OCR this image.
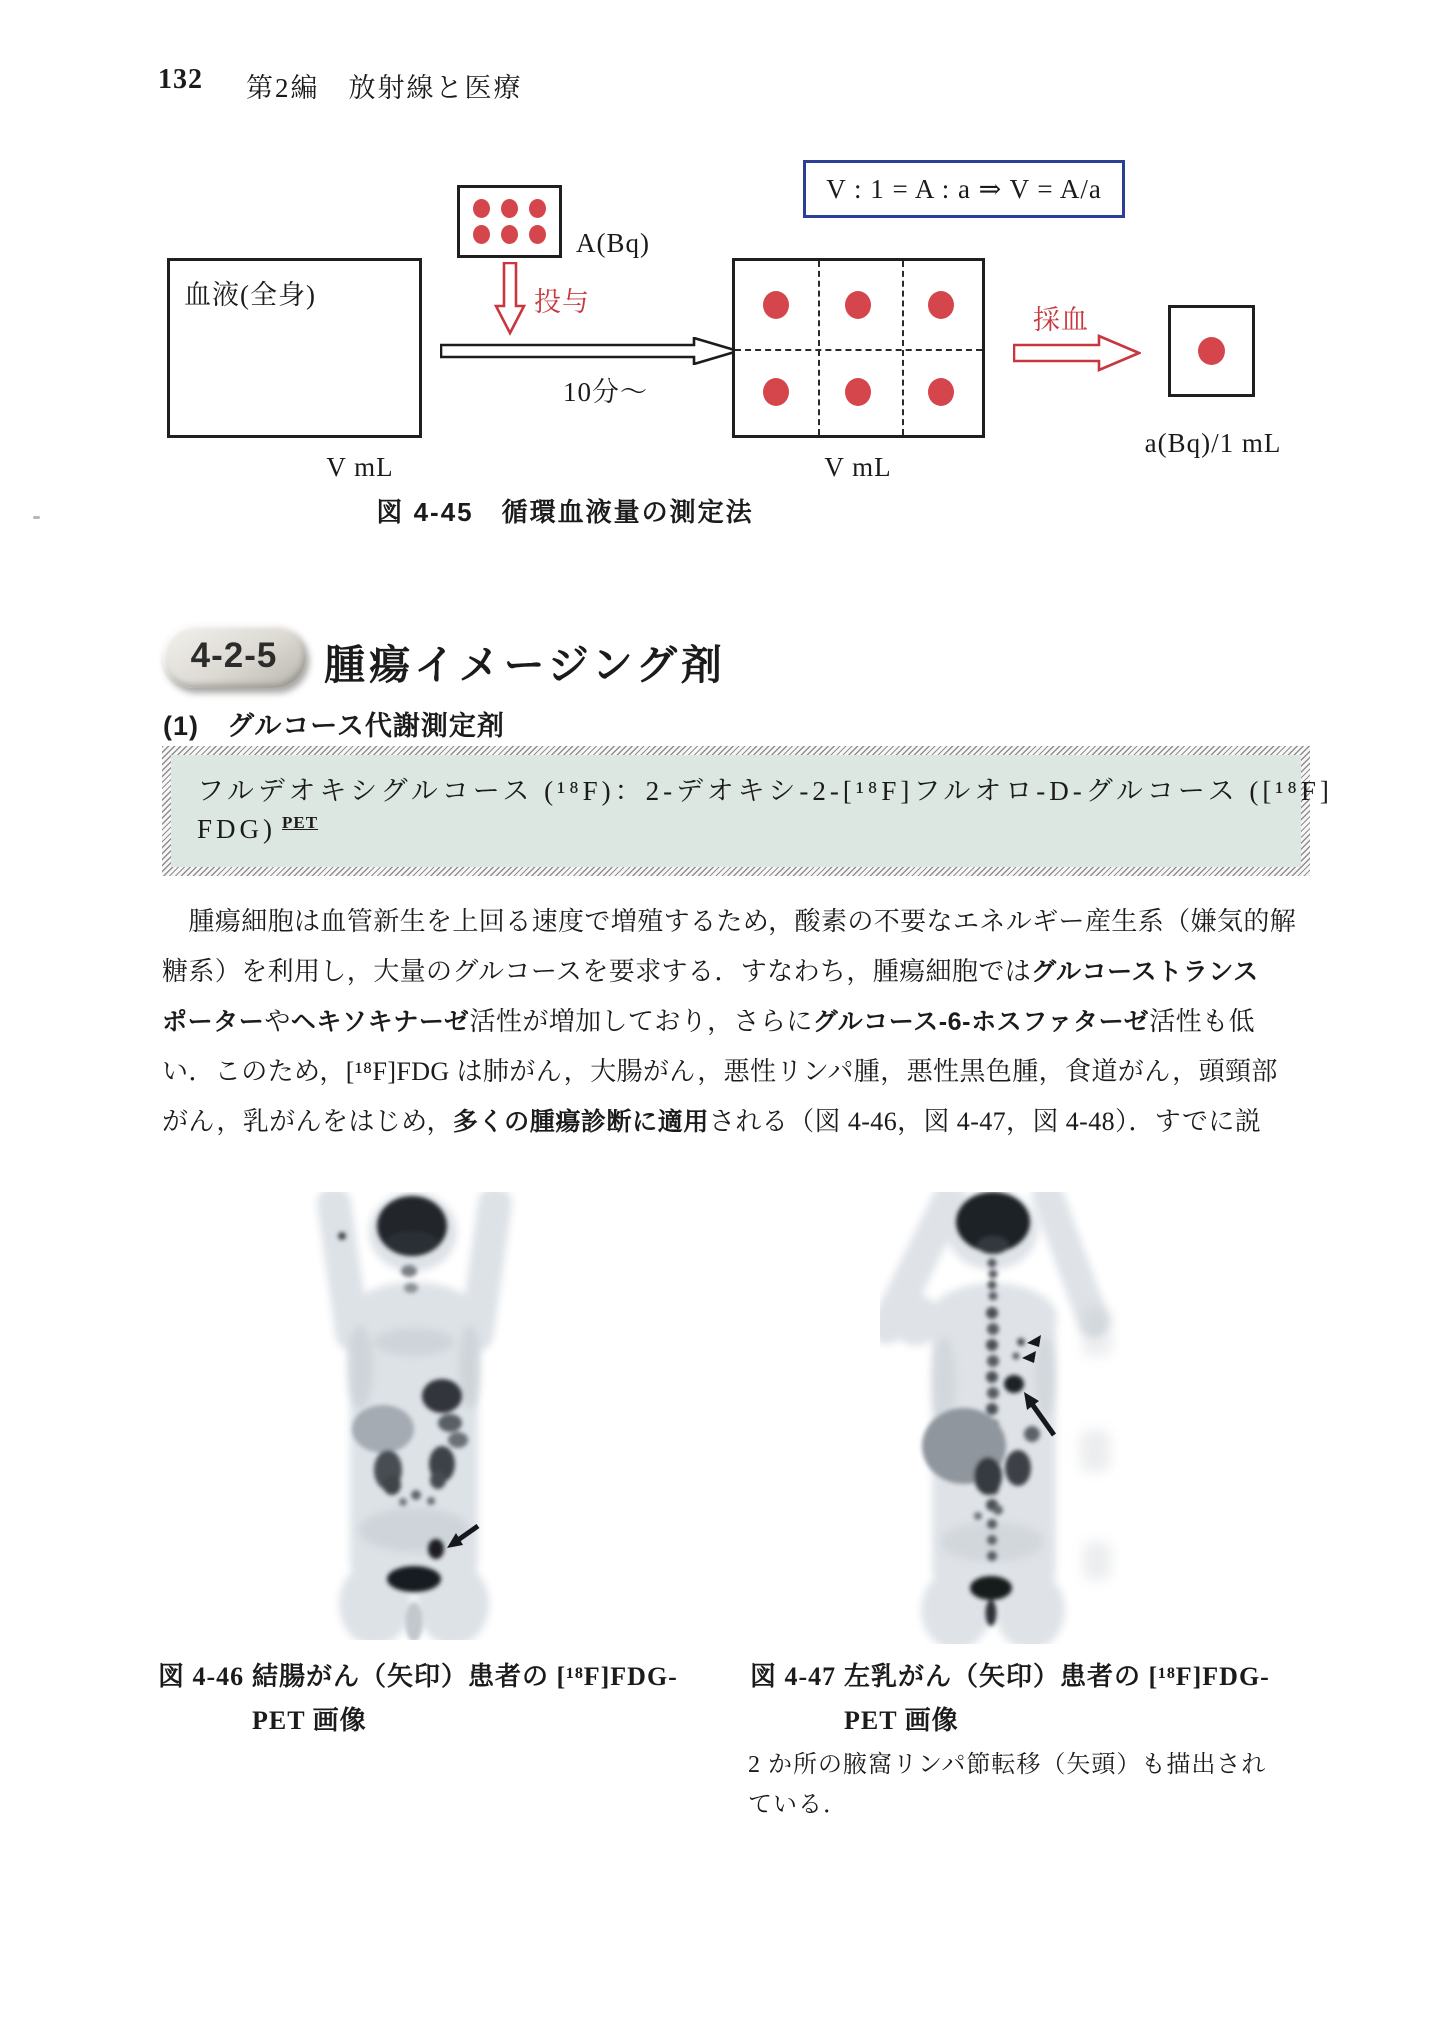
132 第2編　放射線と医療
A(Bq)
投与
血液(全身)
V mL
10分～
V : 1 = A : a ⇒ V = A/a
V mL
採血
a(Bq)/1 mL
図 4-45　循環血液量の測定法
4-2-5 腫瘍イメージング剤
(1)　グルコース代謝測定剤
フルデオキシグルコース (¹⁸F)：2-デオキシ-2-[¹⁸F]フルオロ-D-グルコース ([¹⁸F]
FDG) $^{PET}$
　腫瘍細胞は血管新生を上回る速度で増殖するため，酸素の不要なエネルギー産生系（嫌気的解
糖系）を利用し，大量のグルコースを要求する．すなわち，腫瘍細胞ではグルコーストランス
ポーターやヘキソキナーゼ活性が増加しており，さらにグルコース-6-ホスファターゼ活性も低
い．このため，[¹⁸F]FDG は肺がん，大腸がん，悪性リンパ腫，悪性黒色腫，食道がん，頭頸部
がん，乳がんをはじめ，多くの腫瘍診断に適用される（図 4-46，図 4-47，図 4-48）．すでに説
図 4-46 結腸がん（矢印）患者の [¹⁸F]FDG-
PET 画像
図 4-47 左乳がん（矢印）患者の [¹⁸F]FDG-
PET 画像
2 か所の腋窩リンパ節転移（矢頭）も描出され
ている．
